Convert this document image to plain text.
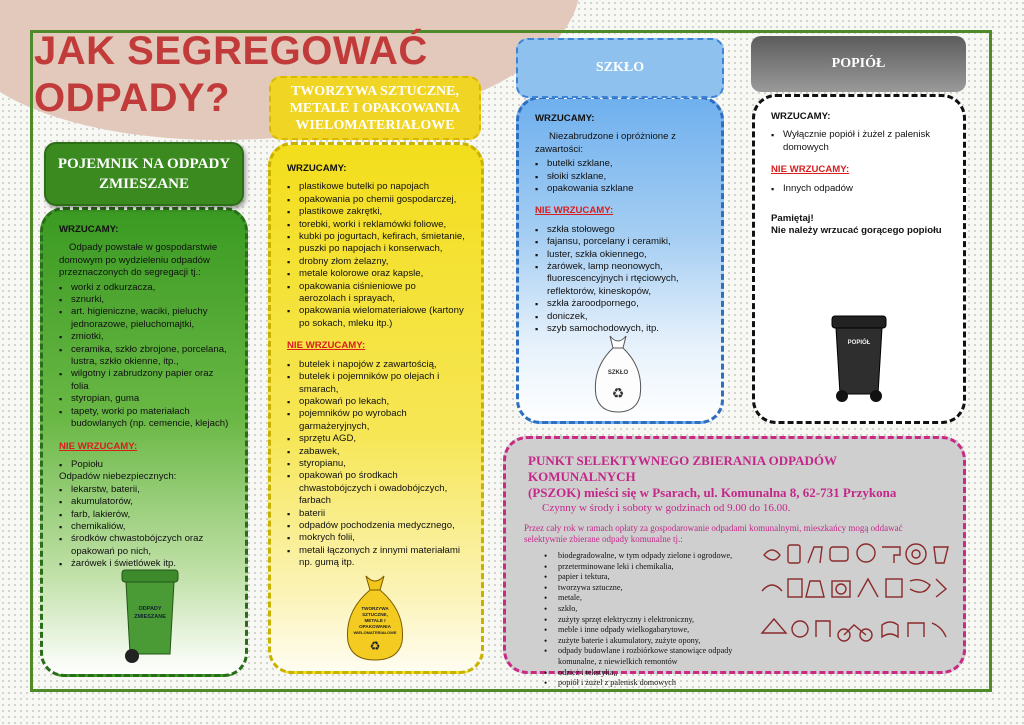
JAK SEGREGOWAĆ
ODPADY?
WRZUCAMY:
Odpady powstałe w gospodarstwie domowym po wydzieleniu odpadów przeznaczonych do segregacji tj.:
▪ worki z odkurzacza,
▪ sznurki,
▪ art. higieniczne, waciki, pieluchy jednorazowe, pieluchomajtki,
▪ zmiotki,
▪ ceramika, szkło zbrojone, porcelana, lustra, szkło okienne, itp.,
▪ wilgotny i zabrudzony papier oraz folia
▪ styropian, guma
▪ tapety, worki po materiałach budowlanych (np. cemencie, klejach)
NIE WRZUCAMY:
▪ Popiołu
Odpadów niebezpiecznych:
▪ lekarstw, baterii,
▪ akumulatorów,
▪ farb, lakierów,
▪ chemikaliów,
▪ środków chwastobójczych oraz opakowań po nich,
▪ żarówek i świetlówek itp.
POJEMNIK NA ODPADY ZMIESZANE
ODPADY
ZMIESZANE
WRZUCAMY:
▪ plastikowe butelki po napojach
▪ opakowania po chemii gospodarczej,
▪ plastikowe zakrętki,
▪ torebki, worki i reklamówki foliowe,
▪ kubki po jogurtach, kefirach, śmietanie,
▪ puszki po napojach i konserwach,
▪ drobny złom żelazny,
▪ metale kolorowe oraz kapsle,
▪ opakowania ciśnieniowe po aerozolach i sprayach,
▪ opakowania wielomateriałowe (kartony po sokach, mleku itp.)
NIE WRZUCAMY:
▪ butelek i napojów z zawartością,
▪ butelek i pojemników po olejach i smarach,
▪ opakowań po lekach,
▪ pojemników po wyrobach garmażeryjnych,
▪ sprzętu AGD,
▪ zabawek,
▪ styropianu,
▪ opakowań po środkach chwastobójczych i owadobójczych, farbach
▪ baterii
▪ odpadów pochodzenia medycznego,
▪ mokrych folii,
▪ metali łączonych z innymi materiałami np. gumą itp.
TWORZYWA SZTUCZNE, METALE I OPAKOWANIA WIELOMATERIAŁOWE
TWORZYWA
SZTUCZNE,
METALE I
OPAKOWANIA
WIELOMATERIAŁOWE
♻
WRZUCAMY:
Niezabrudzone i opróżnione z zawartości:
▪ butelki szklane,
▪ słoiki szklane,
▪ opakowania szklane
NIE WRZUCAMY:
▪ szkła stołowego
▪ fajansu, porcelany i ceramiki,
▪ luster, szkła okiennego,
▪ żarówek, lamp neonowych, fluorescencyjnych i rtęciowych, reflektorów, kineskopów,
▪ szkła żaroodpornego,
▪ doniczek,
▪ szyb samochodowych, itp.
SZKŁO
SZKŁO
♻
WRZUCAMY:
▪ Wyłącznie popiół i żużel z palenisk domowych
NIE WRZUCAMY:
▪ Innych odpadów
Pamiętaj!
Nie należy wrzucać gorącego popiołu
POPIÓŁ
POPIÓŁ
PUNKT SELEKTYWNEGO ZBIERANIA ODPADÓW KOMUNALNYCH
(PSZOK) mieści się w Psarach, ul. Komunalna 8, 62-731 Przykona
Czynny w środy i soboty w godzinach od 9.00 do 16.00.
Przez cały rok w ramach opłaty za gospodarowanie odpadami komunalnymi, mieszkańcy mogą oddawać selektywnie zbierane odpady komunalne tj.:
• biodegradowalne, w tym odpady zielone i ogrodowe,
• przeterminowane leki i chemikalia,
• papier i tektura,
• tworzywa sztuczne,
• metale,
• szkło,
• zużyty sprzęt elektryczny i elektroniczny,
• meble i inne odpady wielkogabarytowe,
• zużyte baterie i akumulatory, zużyte opony,
• odpady budowlane i rozbiórkowe stanowiące odpady komunalne, z niewielkich remontów
• odzież i tekstylia,,
• popiół i żużel z palenisk domowych
